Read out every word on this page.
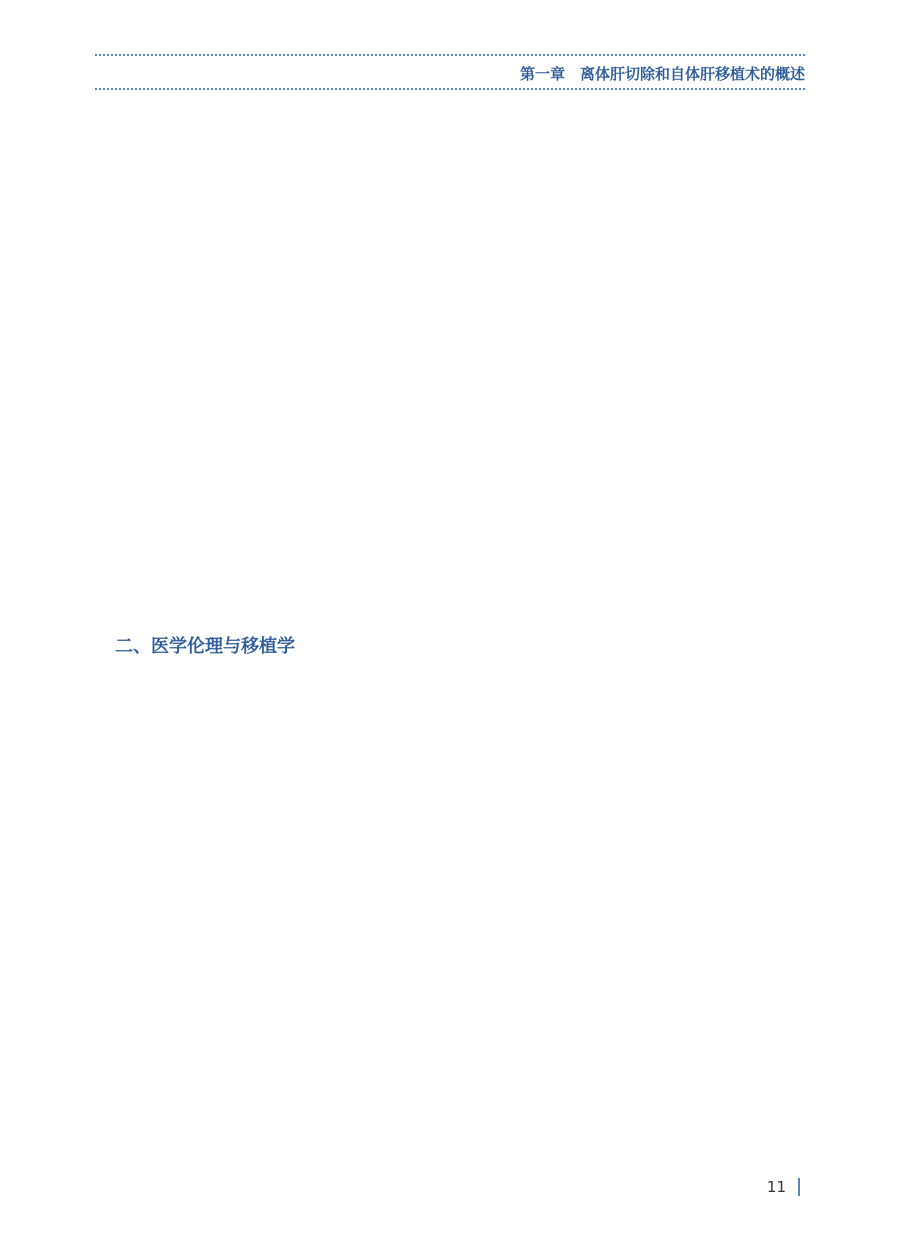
第一章　离体肝切除和自体肝移植术的概述
二、医学伦理与移植学
11
